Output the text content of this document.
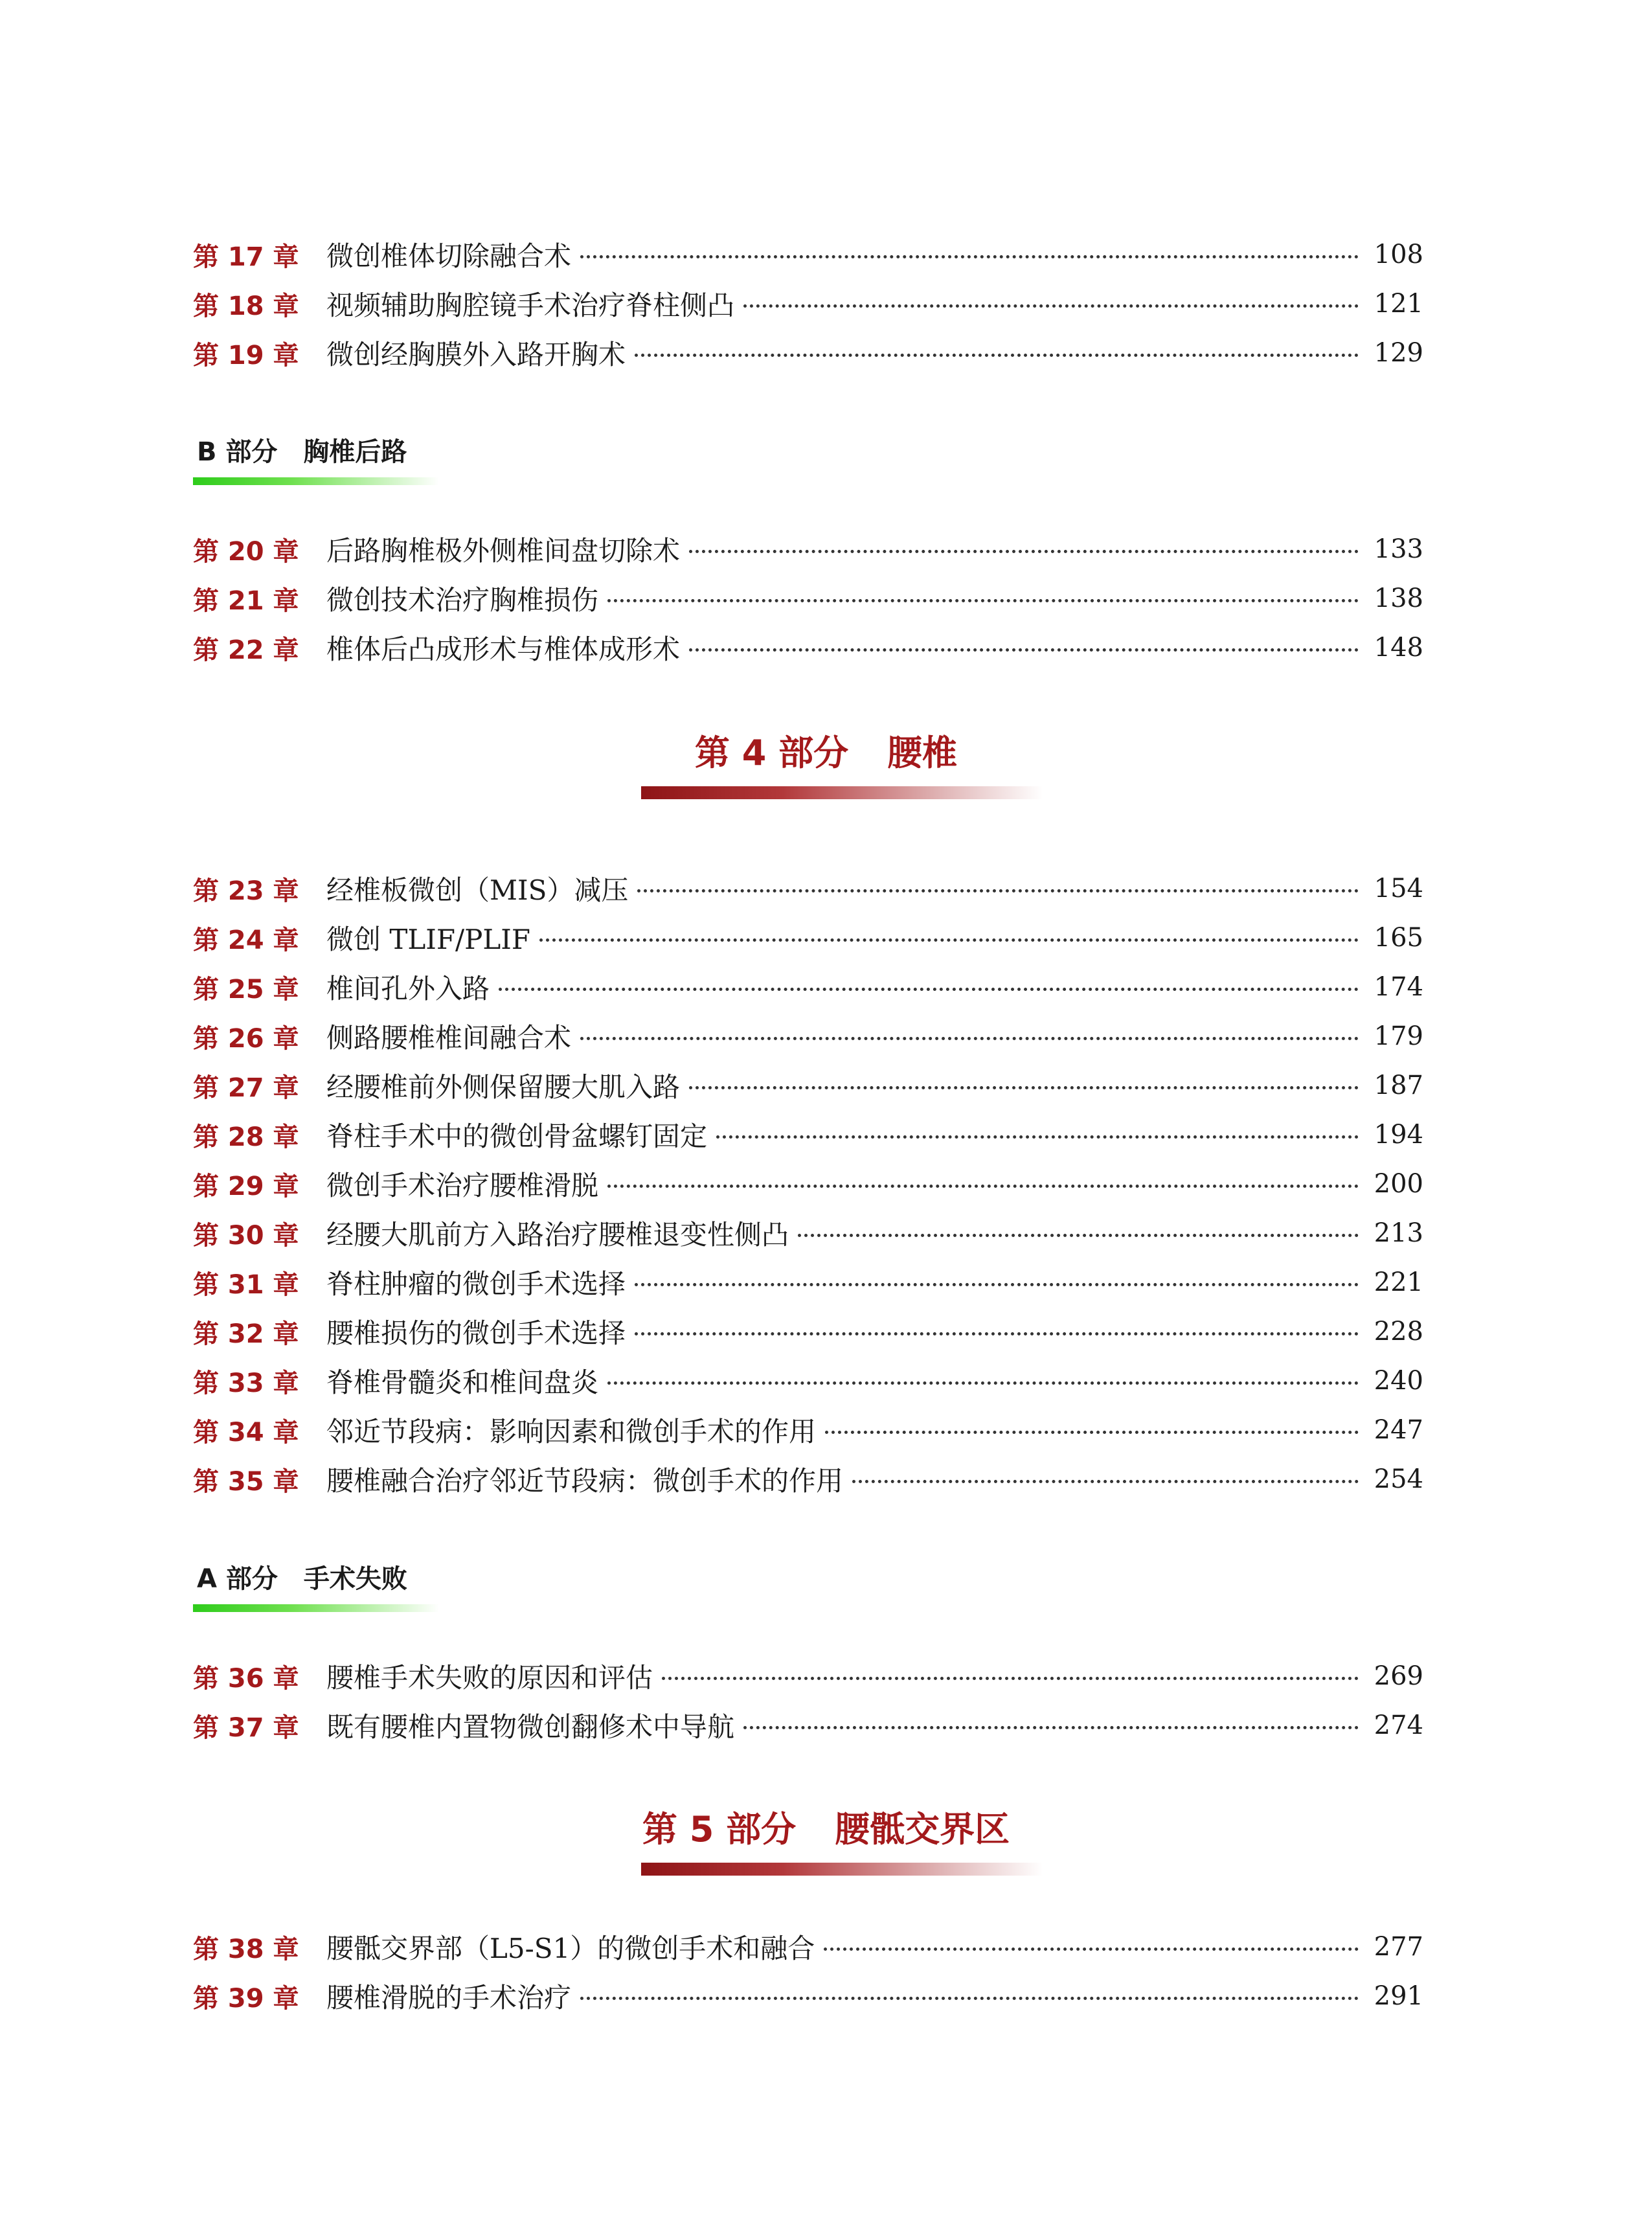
第 17 章	微创椎体切除融合术	108
第 18 章	视频辅助胸腔镜手术治疗脊柱侧凸	121
第 19 章	微创经胸膜外入路开胸术	129
B 部分 胸椎后路
第 20 章	后路胸椎极外侧椎间盘切除术	133
第 21 章	微创技术治疗胸椎损伤	138
第 22 章	椎体后凸成形术与椎体成形术	148
第 4 部分 腰椎
第 23 章	经椎板微创（MIS）减压	154
第 24 章	微创 TLIF/PLIF	165
第 25 章	椎间孔外入路	174
第 26 章	侧路腰椎椎间融合术	179
第 27 章	经腰椎前外侧保留腰大肌入路	187
第 28 章	脊柱手术中的微创骨盆螺钉固定	194
第 29 章	微创手术治疗腰椎滑脱	200
第 30 章	经腰大肌前方入路治疗腰椎退变性侧凸	213
第 31 章	脊柱肿瘤的微创手术选择	221
第 32 章	腰椎损伤的微创手术选择	228
第 33 章	脊椎骨髓炎和椎间盘炎	240
第 34 章	邻近节段病：影响因素和微创手术的作用	247
第 35 章	腰椎融合治疗邻近节段病：微创手术的作用	254
A 部分 手术失败
第 36 章	腰椎手术失败的原因和评估	269
第 37 章	既有腰椎内置物微创翻修术中导航	274
第 5 部分 腰骶交界区
第 38 章	腰骶交界部（L5-S1）的微创手术和融合	277
第 39 章	腰椎滑脱的手术治疗	291
